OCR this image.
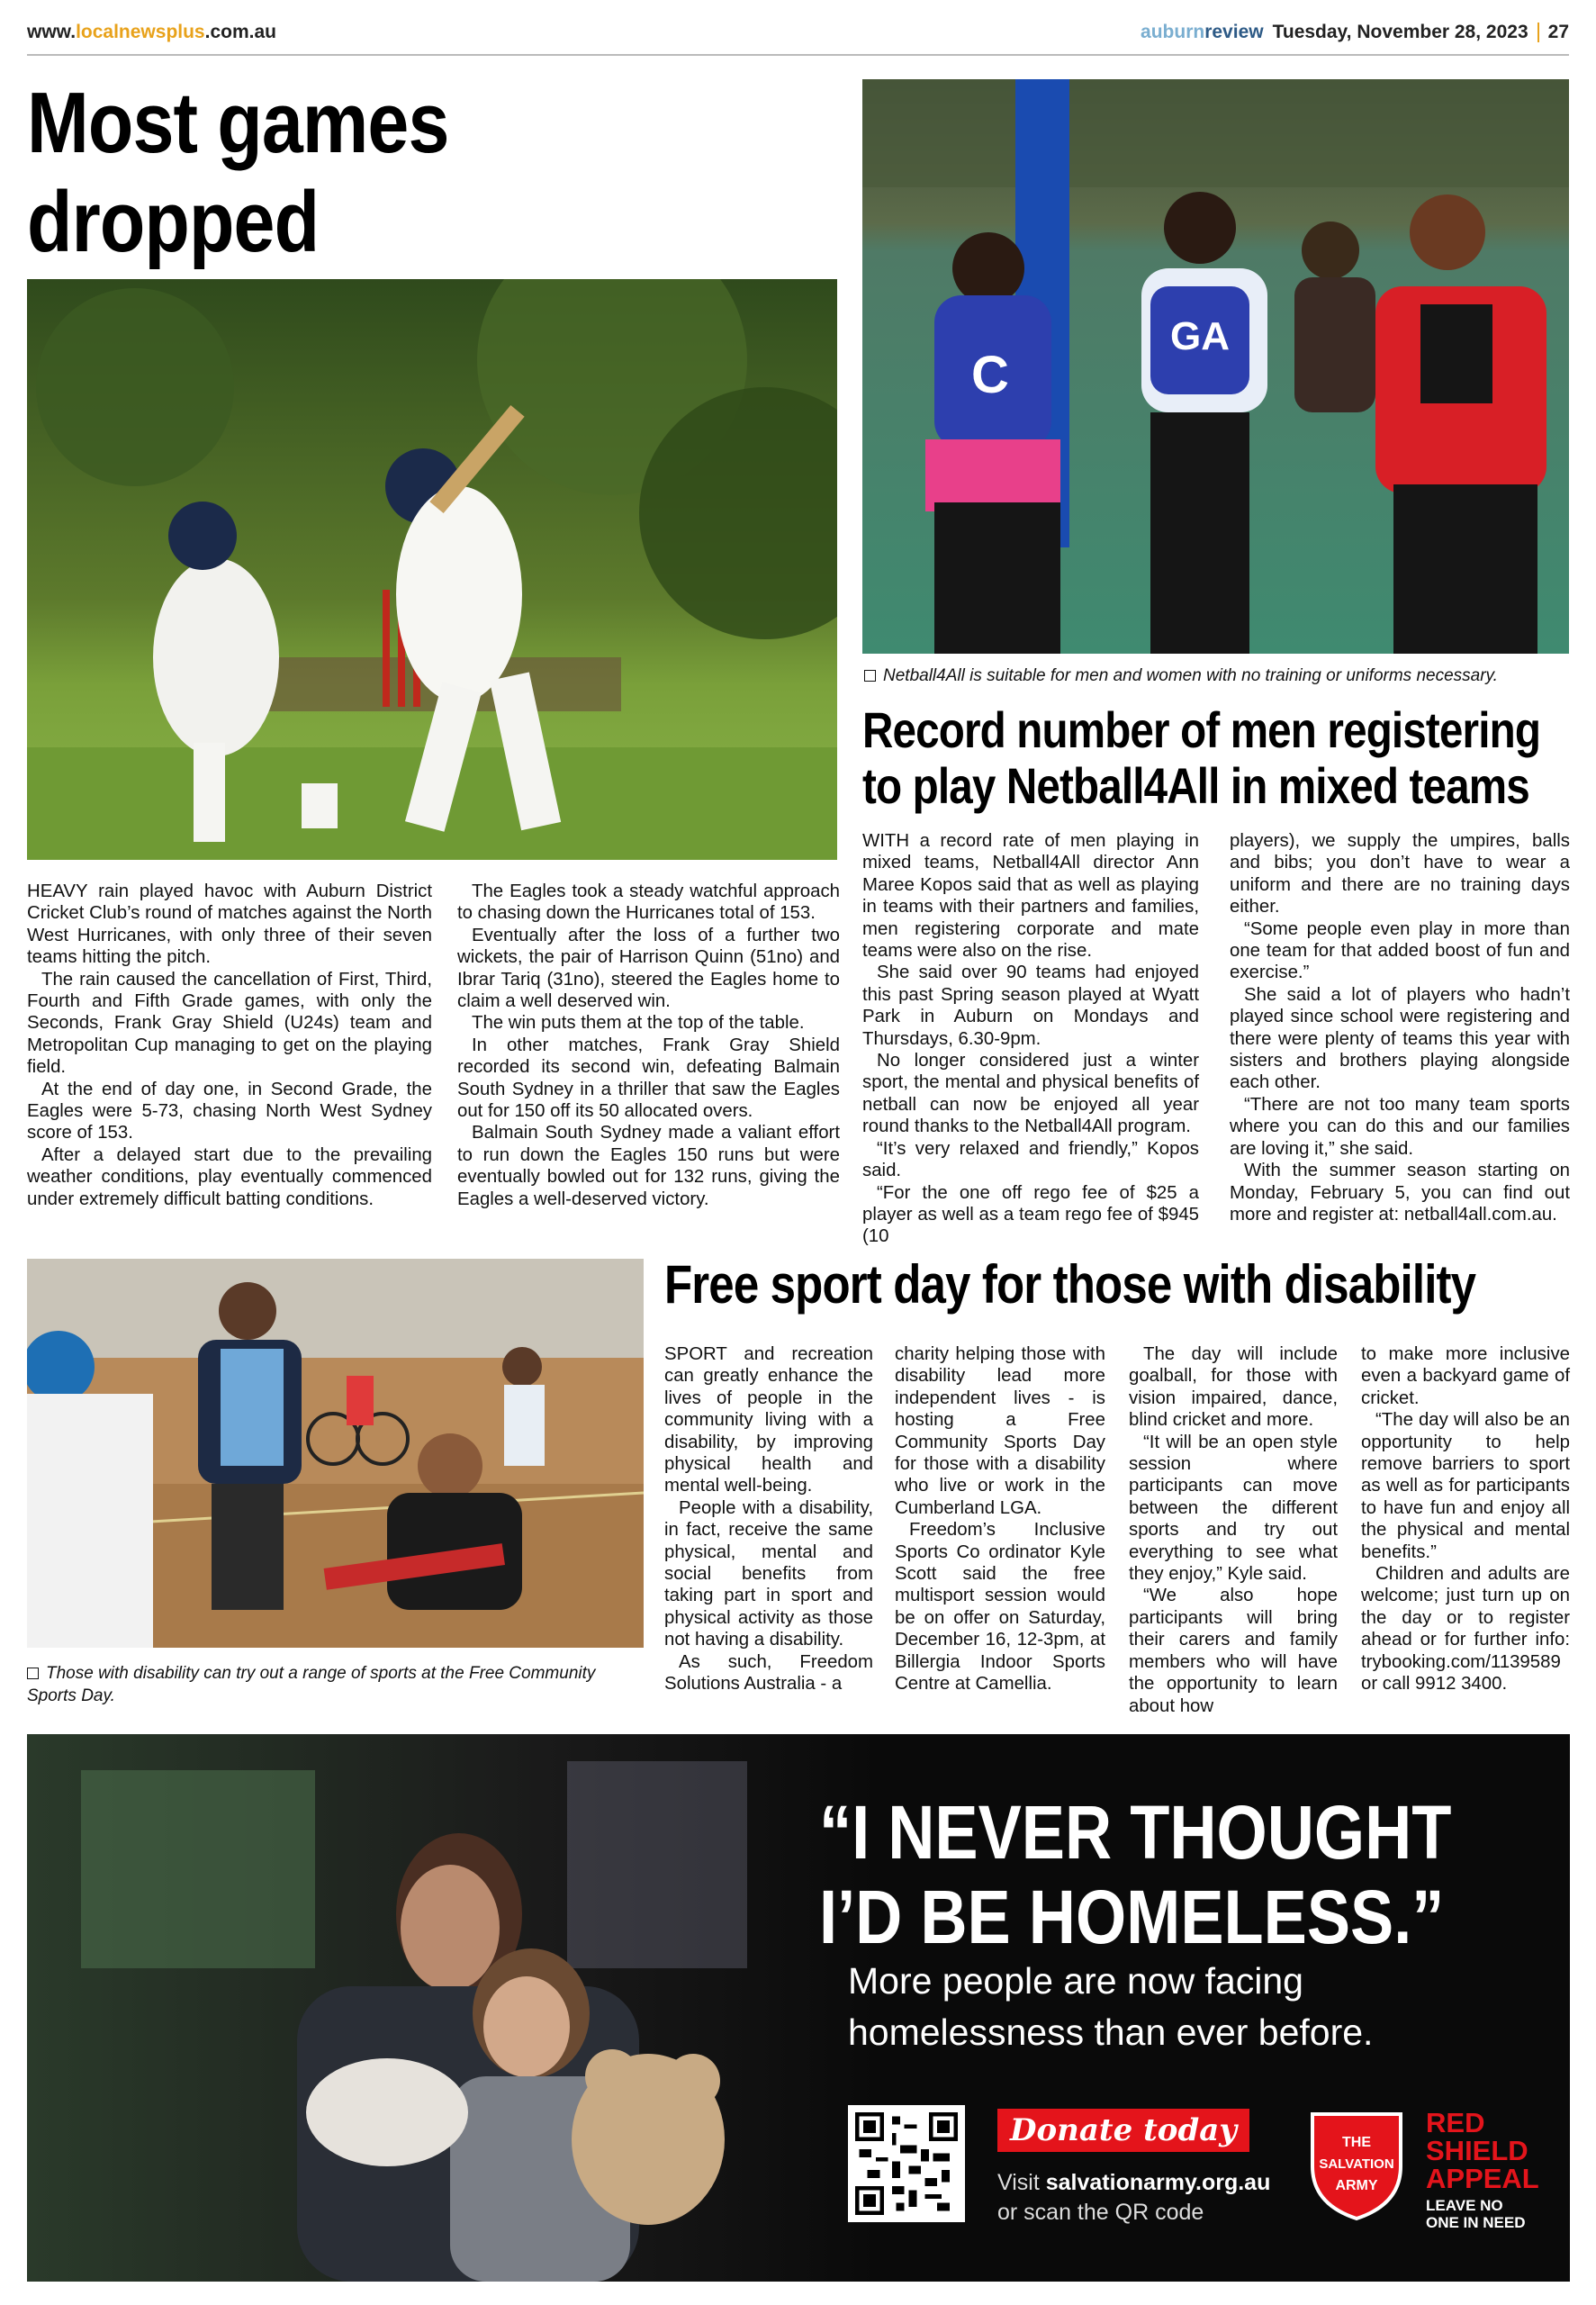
www.localnewsplus.com.au	auburnreview Tuesday, November 28, 2023 27
Most games dropped

HEAVY rain played havoc with Auburn District Cricket Club’s round of matches against the North West Hurricanes, with only three of their seven teams hitting the pitch.

The rain caused the cancellation of First, Third, Fourth and Fifth Grade games, with only the Seconds, Frank Gray Shield (U24s) team and Metropolitan Cup managing to get on the playing field.

At the end of day one, in Second Grade, the Eagles were 5-73, chasing North West Sydney score of 153.

After a delayed start due to the prevailing weather conditions, play eventually commenced under extremely difficult batting conditions.

The Eagles took a steady watchful approach to chasing down the Hurricanes total of 153.

Eventually after the loss of a further two wickets, the pair of Harrison Quinn (51no) and Ibrar Tariq (31no), steered the Eagles home to claim a well deserved win.

The win puts them at the top of the table.

In other matches, Frank Gray Shield recorded its second win, defeating Balmain South Sydney in a thriller that saw the Eagles out for 150 off its 50 allocated overs.

Balmain South Sydney made a valiant effort to run down the Eagles 150 runs but were eventually bowled out for 132 runs, giving the Eagles a well-deserved victory.

C
GA
Netball4All is suitable for men and women with no training or uniforms necessary.
Record number of men registering
to play Netball4All in mixed teams

WITH a record rate of men playing in mixed teams, Netball4All director Ann Maree Kopos said that as well as playing in teams with their partners and families, men registering corporate and mate teams were also on the rise.

She said over 90 teams had enjoyed this past Spring season played at Wyatt Park in Auburn on Mondays and Thursdays, 6.30-9pm.

No longer considered just a winter sport, the mental and physical benefits of netball can now be enjoyed all year round thanks to the Netball4All program.

“It’s very relaxed and friendly,” Kopos said.

“For the one off rego fee of $25 a player as well as a team rego fee of $945 (10

players), we supply the umpires, balls and bibs; you don’t have to wear a uniform and there are no training days either.

“Some people even play in more than one team for that added boost of fun and exercise.”

She said a lot of players who hadn’t played since school were registering and there were plenty of teams this year with sisters and brothers playing alongside each other.

“There are not too many team sports where you can do this and our families are loving it,” she said.

With the summer season starting on Monday, February 5, you can find out more and register at: netball4all.com.au.

Those with disability can try out a range of sports at the Free Community Sports Day.
Free sport day for those with disability

SPORT and recreation can greatly enhance the lives of people in the community living with a disability, by improving physical health and mental well-being.

People with a disability, in fact, receive the same physical, mental and social benefits from taking part in sport and physical activity as those not having a disability.

As such, Freedom Solutions Australia - a

charity helping those with disability lead more independent lives - is hosting a Free Community Sports Day for those with a disability who live or work in the Cumberland LGA.

Freedom’s Inclusive Sports Co ordinator Kyle Scott said the free multisport session would be on offer on Saturday, December 16, 12-3pm, at Billergia Indoor Sports Centre at Camellia.

The day will include goalball, for those with vision impaired, dance, blind cricket and more.

“It will be an open style session where participants can move between the different sports and try out everything to see what they enjoy,” Kyle said.

“We also hope participants will bring their carers and family members who will have the opportunity to learn about how

to make more inclusive even a backyard game of cricket.

“The day will also be an opportunity to help remove barriers to sport as well as for participants to have fun and enjoy all the physical and mental benefits.”

Children and adults are welcome; just turn up on the day or to register ahead or for further info: trybooking.com/1139589 or call 9912 3400.

“I NEVER THOUGHT
I’D BE HOMELESS.”
More people are now facing
homelessness than ever before.
Donate today
Visit salvationarmy.org.au
or scan the QR code
THE
SALVATION
ARMY
RED
SHIELD
APPEAL
LEAVE NO
ONE IN NEED
